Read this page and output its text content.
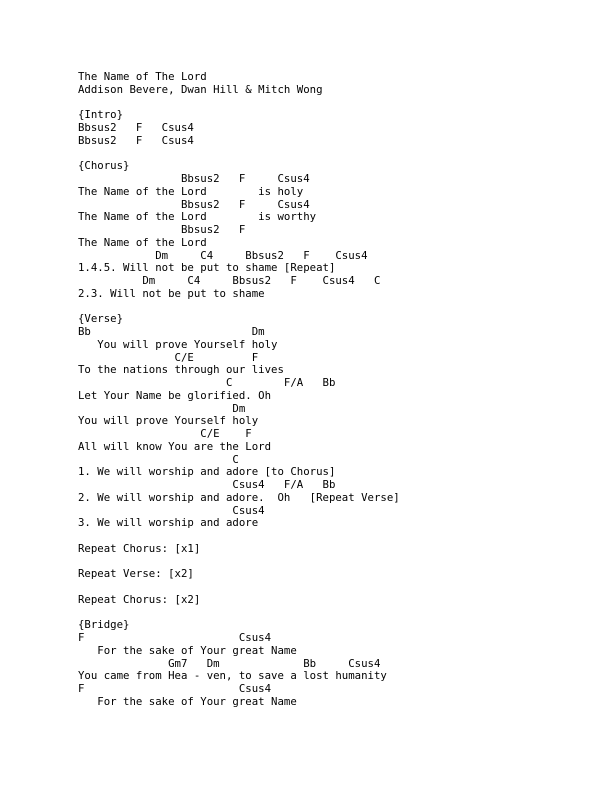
The Name of The Lord
Addison Bevere, Dwan Hill & Mitch Wong
{Intro}
Bbsus2   F   Csus4
Bbsus2   F   Csus4
{Chorus}
Bbsus2   F     Csus4
The Name of the Lord        is holy
Bbsus2   F     Csus4
The Name of the Lord        is worthy
Bbsus2   F
The Name of the Lord
Dm     C4     Bbsus2   F    Csus4
1.4.5. Will not be put to shame [Repeat]
Dm     C4     Bbsus2   F    Csus4   C
2.3. Will not be put to shame
{Verse}
Bb                         Dm
You will prove Yourself holy
C/E         F
To the nations through our lives
C        F/A   Bb
Let Your Name be glorified. Oh
Dm
You will prove Yourself holy
C/E    F
All will know You are the Lord
C
1. We will worship and adore [to Chorus]
Csus4   F/A   Bb
2. We will worship and adore.  Oh   [Repeat Verse]
Csus4
3. We will worship and adore
Repeat Chorus: [x1]
Repeat Verse: [x2]
Repeat Chorus: [x2]
{Bridge}
F                        Csus4
For the sake of Your great Name
Gm7   Dm             Bb     Csus4
You came from Hea - ven, to save a lost humanity
F                        Csus4
For the sake of Your great Name
